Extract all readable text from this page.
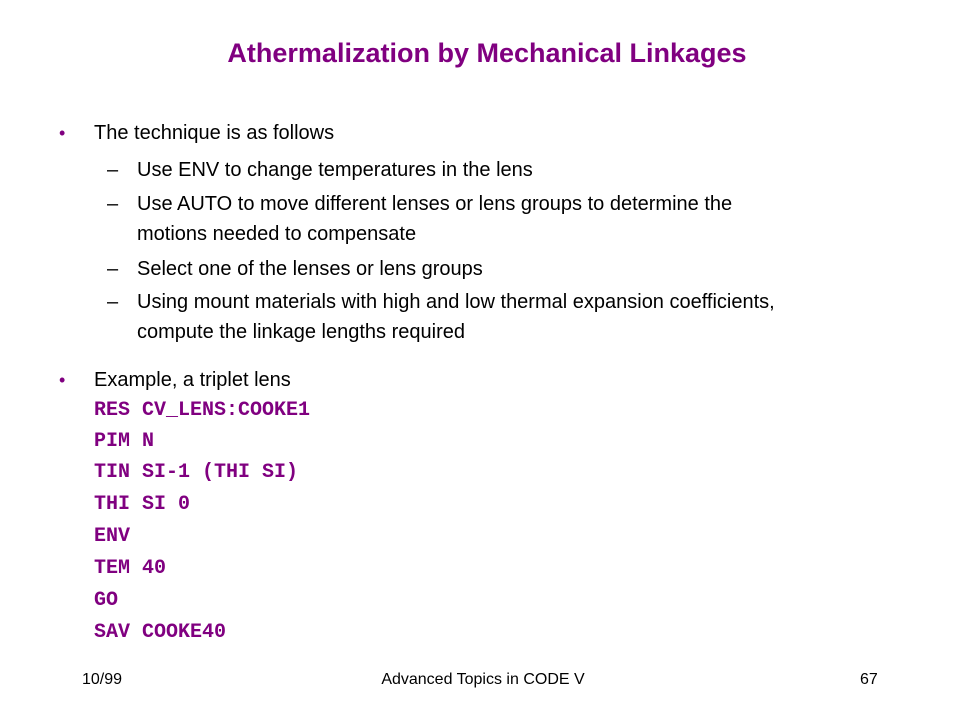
Athermalization by Mechanical Linkages
• The technique is as follows
– Use ENV to change temperatures in the lens
– Use AUTO to move different lenses or lens groups to determine the
motions needed to compensate
– Select one of the lenses or lens groups
– Using mount materials with high and low thermal expansion coefficients,
compute the linkage lengths required
• Example, a triplet lens
RES CV_LENS:COOKE1
PIM N
TIN SI-1 (THI SI)
THI SI 0
ENV
TEM 40
GO
SAV COOKE40
10/99	Advanced Topics in CODE V	67
